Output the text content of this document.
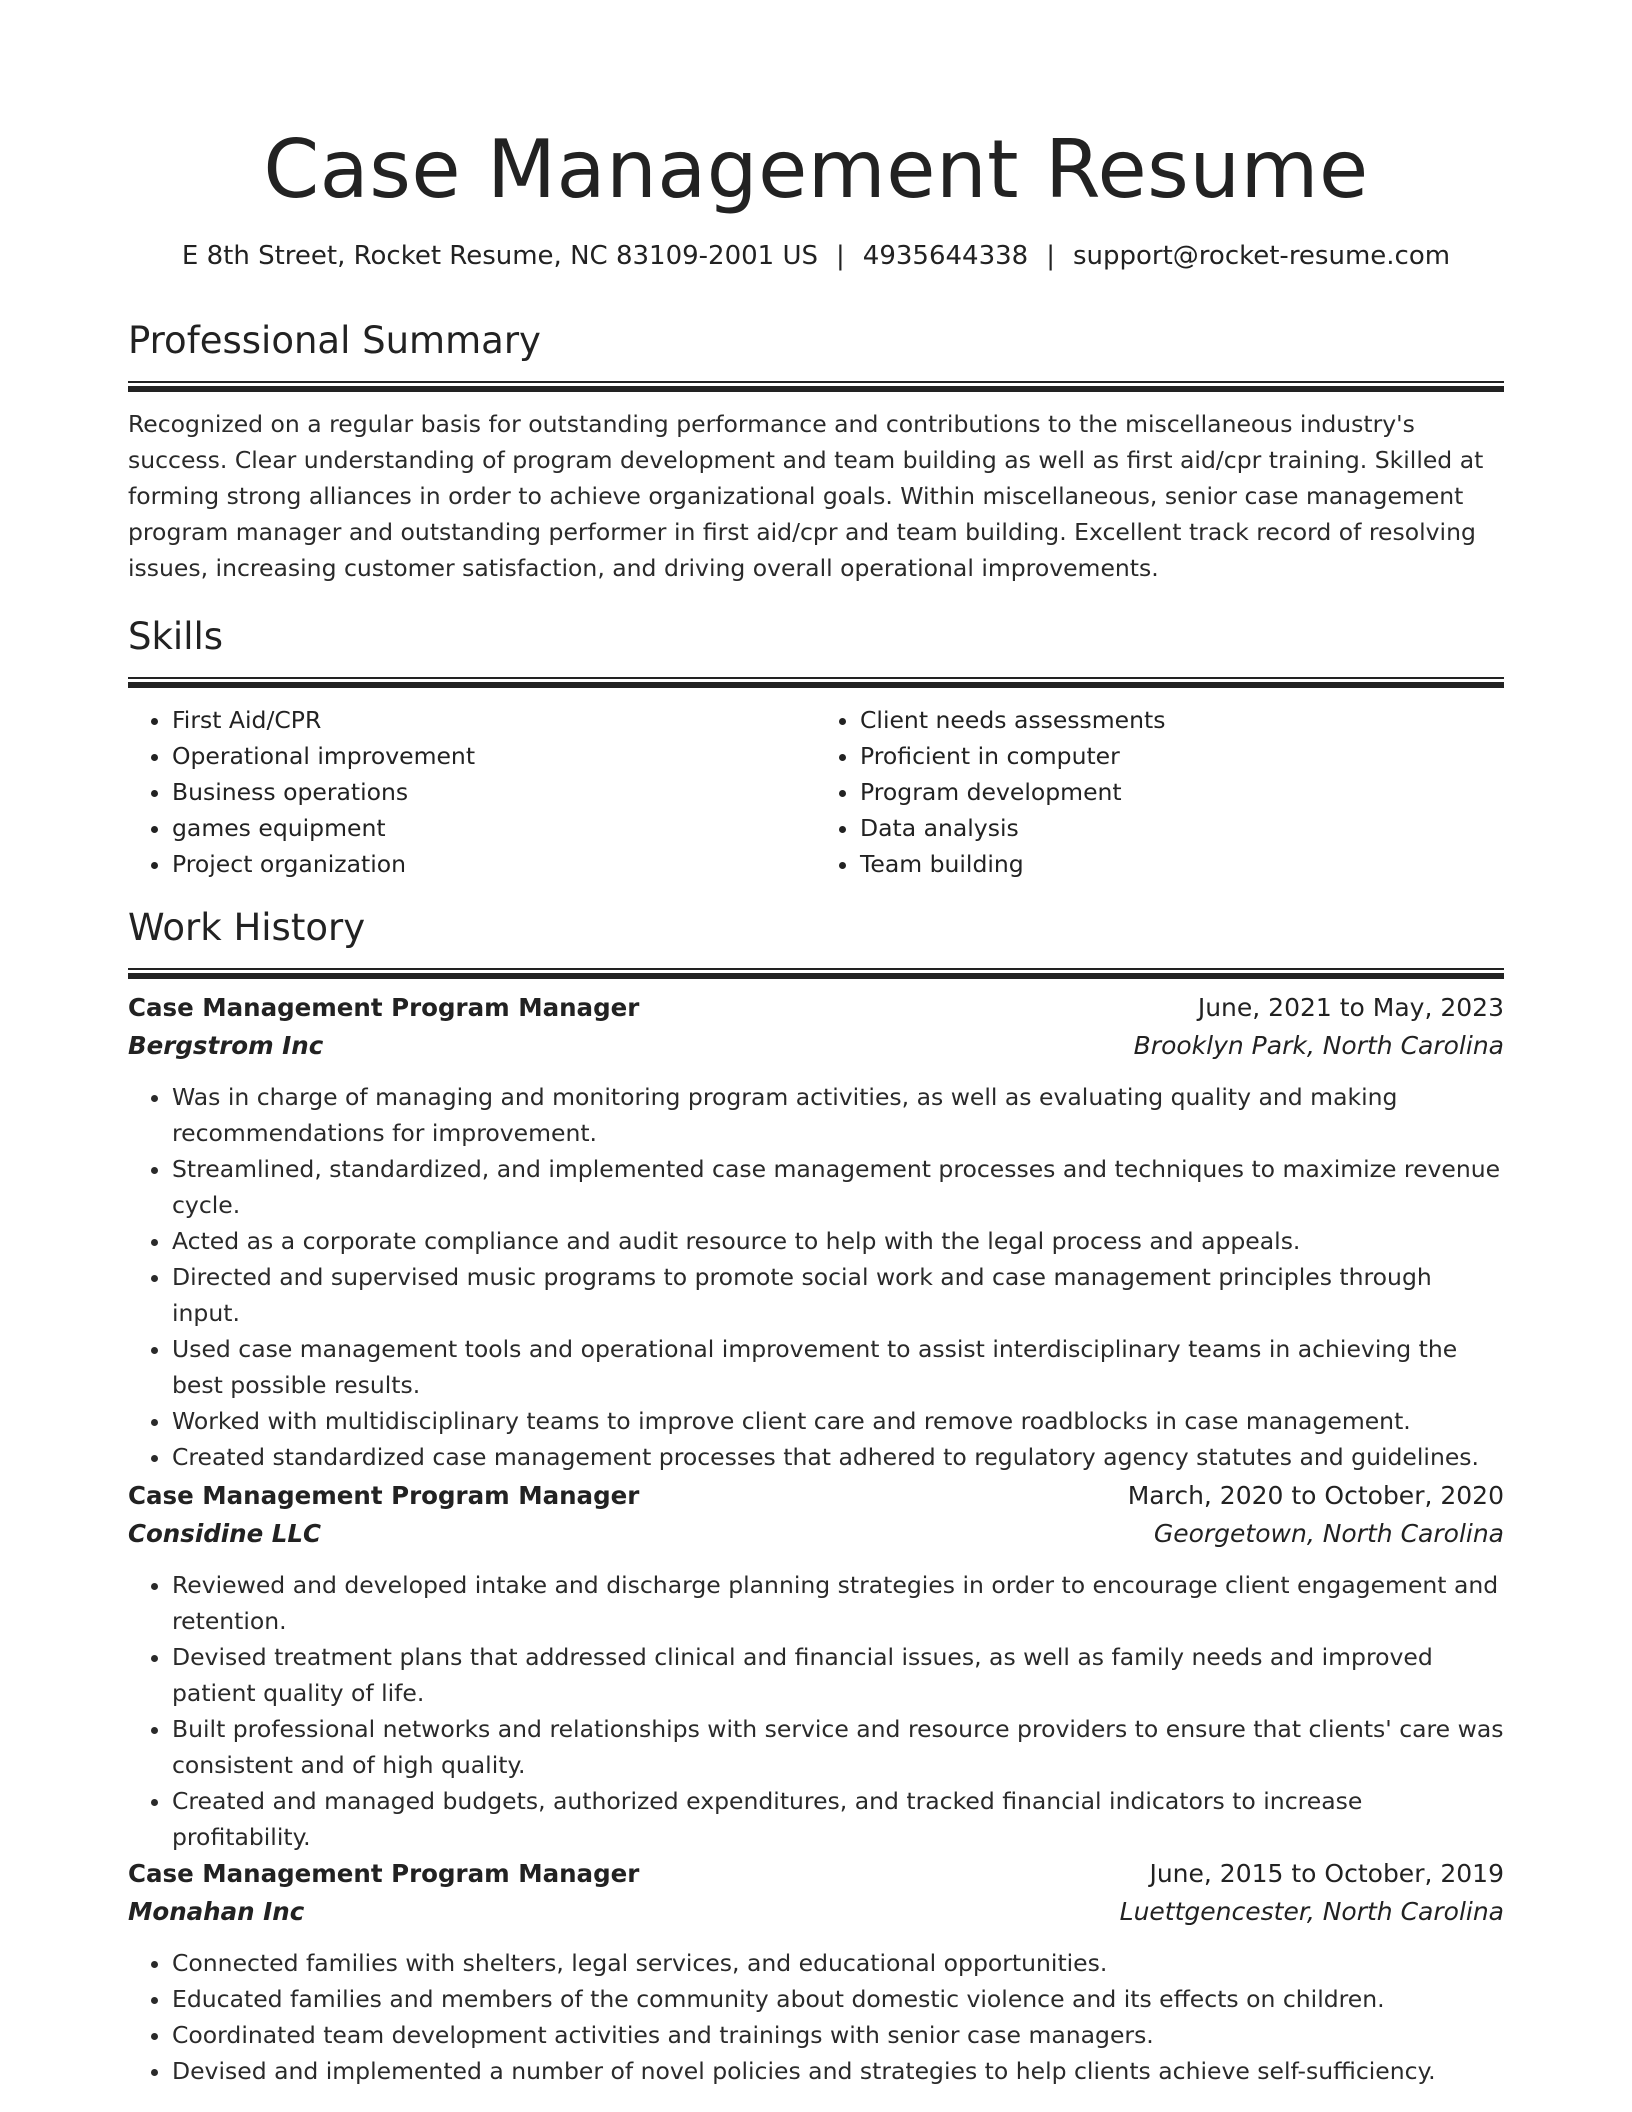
Case Management Resume
E 8th Street, Rocket Resume, NC 83109-2001 US | 4935644338 | support@rocket-resume.com
Professional Summary
Recognized on a regular basis for outstanding performance and contributions to the miscellaneous industry's success. Clear understanding of program development and team building as well as first aid/cpr training. Skilled at forming strong alliances in order to achieve organizational goals. Within miscellaneous, senior case management program manager and outstanding performer in first aid/cpr and team building. Excellent track record of resolving issues, increasing customer satisfaction, and driving overall operational improvements.
Skills
• First Aid/CPR
• Operational improvement
• Business operations
• games equipment
• Project organization
• Client needs assessments
• Proficient in computer
• Program development
• Data analysis
• Team building
Work History
Case Management Program Manager	June, 2021 to May, 2023
Bergstrom Inc	Brooklyn Park, North Carolina
• Was in charge of managing and monitoring program activities, as well as evaluating quality and making recommendations for improvement.
• Streamlined, standardized, and implemented case management processes and techniques to maximize revenue cycle.
• Acted as a corporate compliance and audit resource to help with the legal process and appeals.
• Directed and supervised music programs to promote social work and case management principles through input.
• Used case management tools and operational improvement to assist interdisciplinary teams in achieving the best possible results.
• Worked with multidisciplinary teams to improve client care and remove roadblocks in case management.
• Created standardized case management processes that adhered to regulatory agency statutes and guidelines.
Case Management Program Manager	March, 2020 to October, 2020
Considine LLC	Georgetown, North Carolina
• Reviewed and developed intake and discharge planning strategies in order to encourage client engagement and retention.
• Devised treatment plans that addressed clinical and financial issues, as well as family needs and improved patient quality of life.
• Built professional networks and relationships with service and resource providers to ensure that clients' care was consistent and of high quality.
• Created and managed budgets, authorized expenditures, and tracked financial indicators to increase profitability.
Case Management Program Manager	June, 2015 to October, 2019
Monahan Inc	Luettgencester, North Carolina
• Connected families with shelters, legal services, and educational opportunities.
• Educated families and members of the community about domestic violence and its effects on children.
• Coordinated team development activities and trainings with senior case managers.
• Devised and implemented a number of novel policies and strategies to help clients achieve self-sufficiency.
